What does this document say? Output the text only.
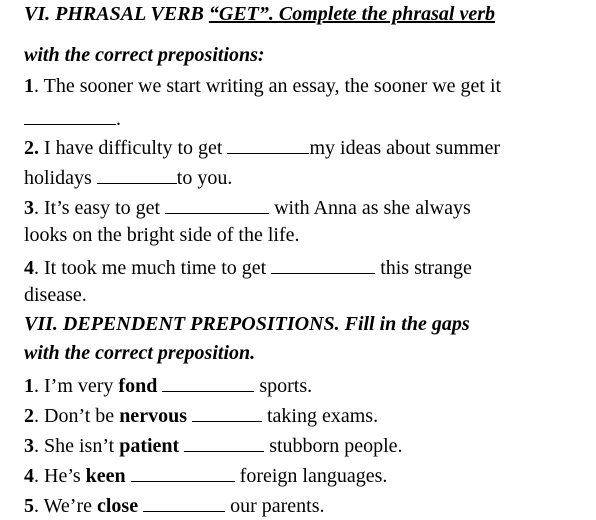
VI. PHRASAL VERB “GET”. Complete the phrasal verb
with the correct prepositions:
1. The sooner we start writing an essay, the sooner we get it
.
2. I have difficulty to get	my ideas about summer
holidays	to you.
3. It’s easy to get	with Anna as she always
looks on the bright side of the life.
4. It took me much time to get	this strange
disease.
VII. DEPENDENT PREPOSITIONS. Fill in the gaps
with the correct preposition.
1. I’m very fond	sports.
2. Don’t be nervous	taking exams.
3. She isn’t patient	stubborn people.
4. He’s keen	foreign languages.
5. We’re close	our parents.
